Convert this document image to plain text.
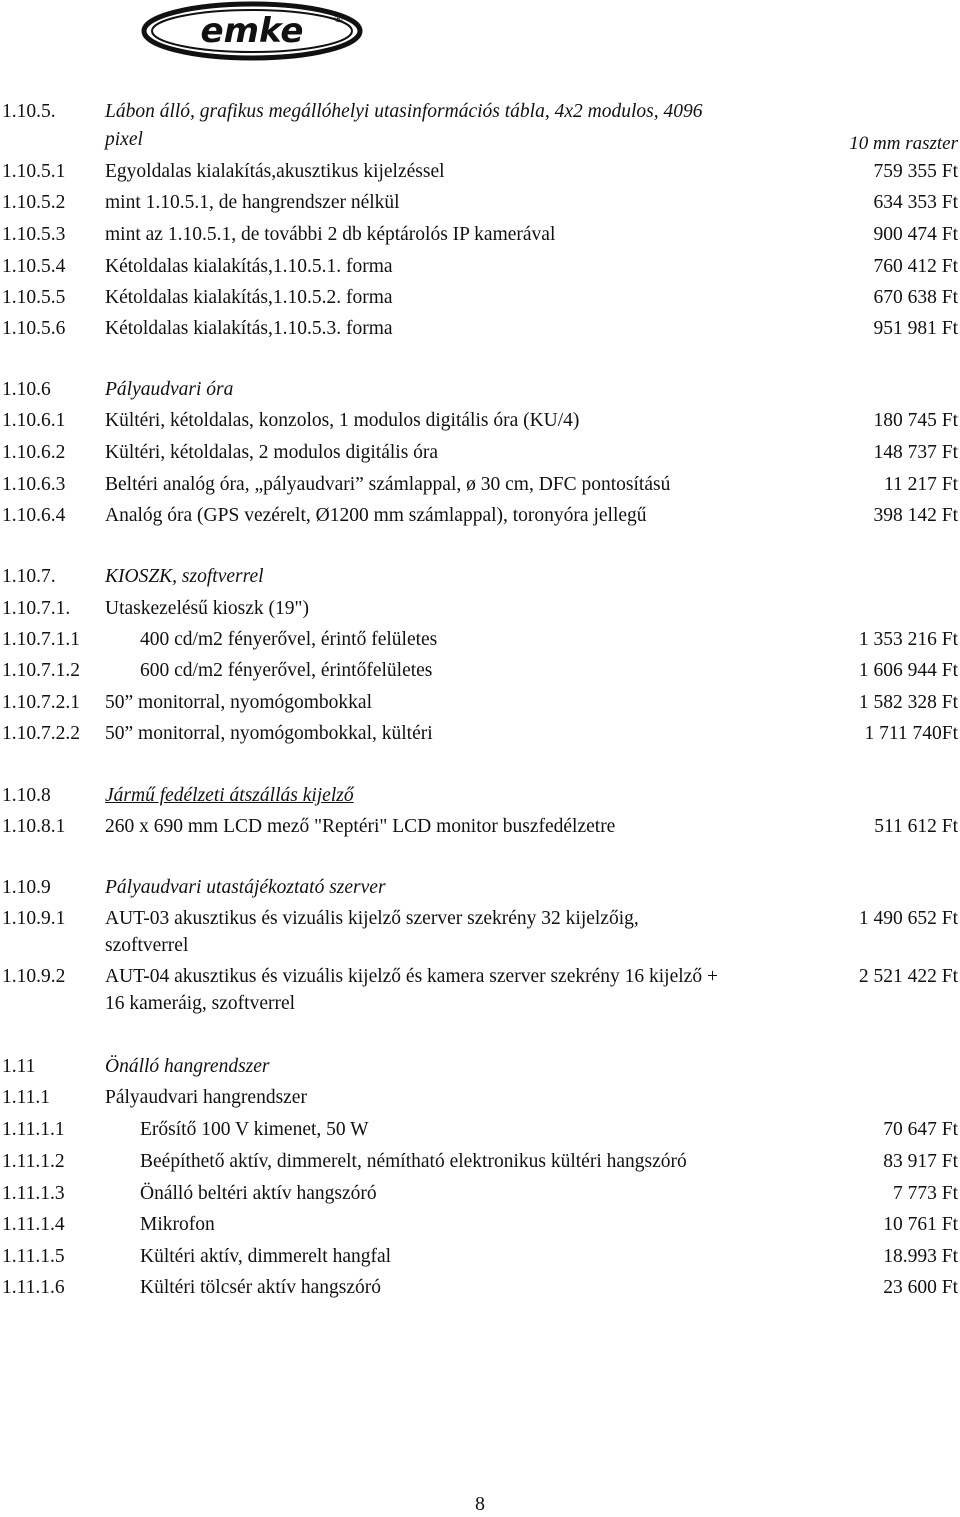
emke	®
1.10.5.	Lábon álló, grafikus megállóhelyi utasinformációs tábla, 4x2 modulos, 4096
pixel	10 mm raszter
1.10.5.1 Egyoldalas kialakítás,akusztikus kijelzéssel	759 355 Ft
1.10.5.2 mint 1.10.5.1, de hangrendszer nélkül	634 353 Ft
1.10.5.3 mint az 1.10.5.1, de további 2 db képtárolós IP kamerával	900 474 Ft
1.10.5.4 Kétoldalas kialakítás,1.10.5.1. forma	760 412 Ft
1.10.5.5 Kétoldalas kialakítás,1.10.5.2. forma	670 638 Ft
1.10.5.6 Kétoldalas kialakítás,1.10.5.3. forma	951 981 Ft
1.10.6	Pályaudvari óra
1.10.6.1 Kültéri, kétoldalas, konzolos, 1 modulos digitális óra (KU/4)	180 745 Ft
1.10.6.2 Kültéri, kétoldalas, 2 modulos digitális óra	148 737 Ft
1.10.6.3 Beltéri analóg óra, „pályaudvari” számlappal, ø 30 cm, DFC pontosítású	11 217 Ft
1.10.6.4 Analóg óra (GPS vezérelt, Ø1200 mm számlappal), toronyóra jellegű	398 142 Ft
1.10.7.	KIOSZK, szoftverrel
1.10.7.1. Utaskezelésű kioszk (19")
1.10.7.1.1	400 cd/m2 fényerővel, érintő felületes	1 353 216 Ft
1.10.7.1.2	600 cd/m2 fényerővel, érintőfelületes	1 606 944 Ft
1.10.7.2.1 50” monitorral, nyomógombokkal	1 582 328 Ft
1.10.7.2.2 50” monitorral, nyomógombokkal, kültéri	1 711 740Ft
1.10.8	Jármű fedélzeti átszállás kijelző
1.10.8.1 260 x 690 mm LCD mező "Reptéri" LCD monitor buszfedélzetre	511 612 Ft
1.10.9	Pályaudvari utastájékoztató szerver
1.10.9.1 AUT-03 akusztikus és vizuális kijelző szerver szekrény 32 kijelzőig,	1 490 652 Ft
szoftverrel
1.10.9.2 AUT-04 akusztikus és vizuális kijelző és kamera szerver szekrény 16 kijelző +	2 521 422 Ft
16 kameráig, szoftverrel
1.11	Önálló hangrendszer
1.11.1	Pályaudvari hangrendszer
1.11.1.1	Erősítő 100 V kimenet, 50 W	70 647 Ft
1.11.1.2	Beépíthető aktív, dimmerelt, némítható elektronikus kültéri hangszóró	83 917 Ft
1.11.1.3	Önálló beltéri aktív hangszóró	7 773 Ft
1.11.1.4	Mikrofon	10 761 Ft
1.11.1.5	Kültéri aktív, dimmerelt hangfal	18.993 Ft
1.11.1.6	Kültéri tölcsér aktív hangszóró	23 600 Ft
8
